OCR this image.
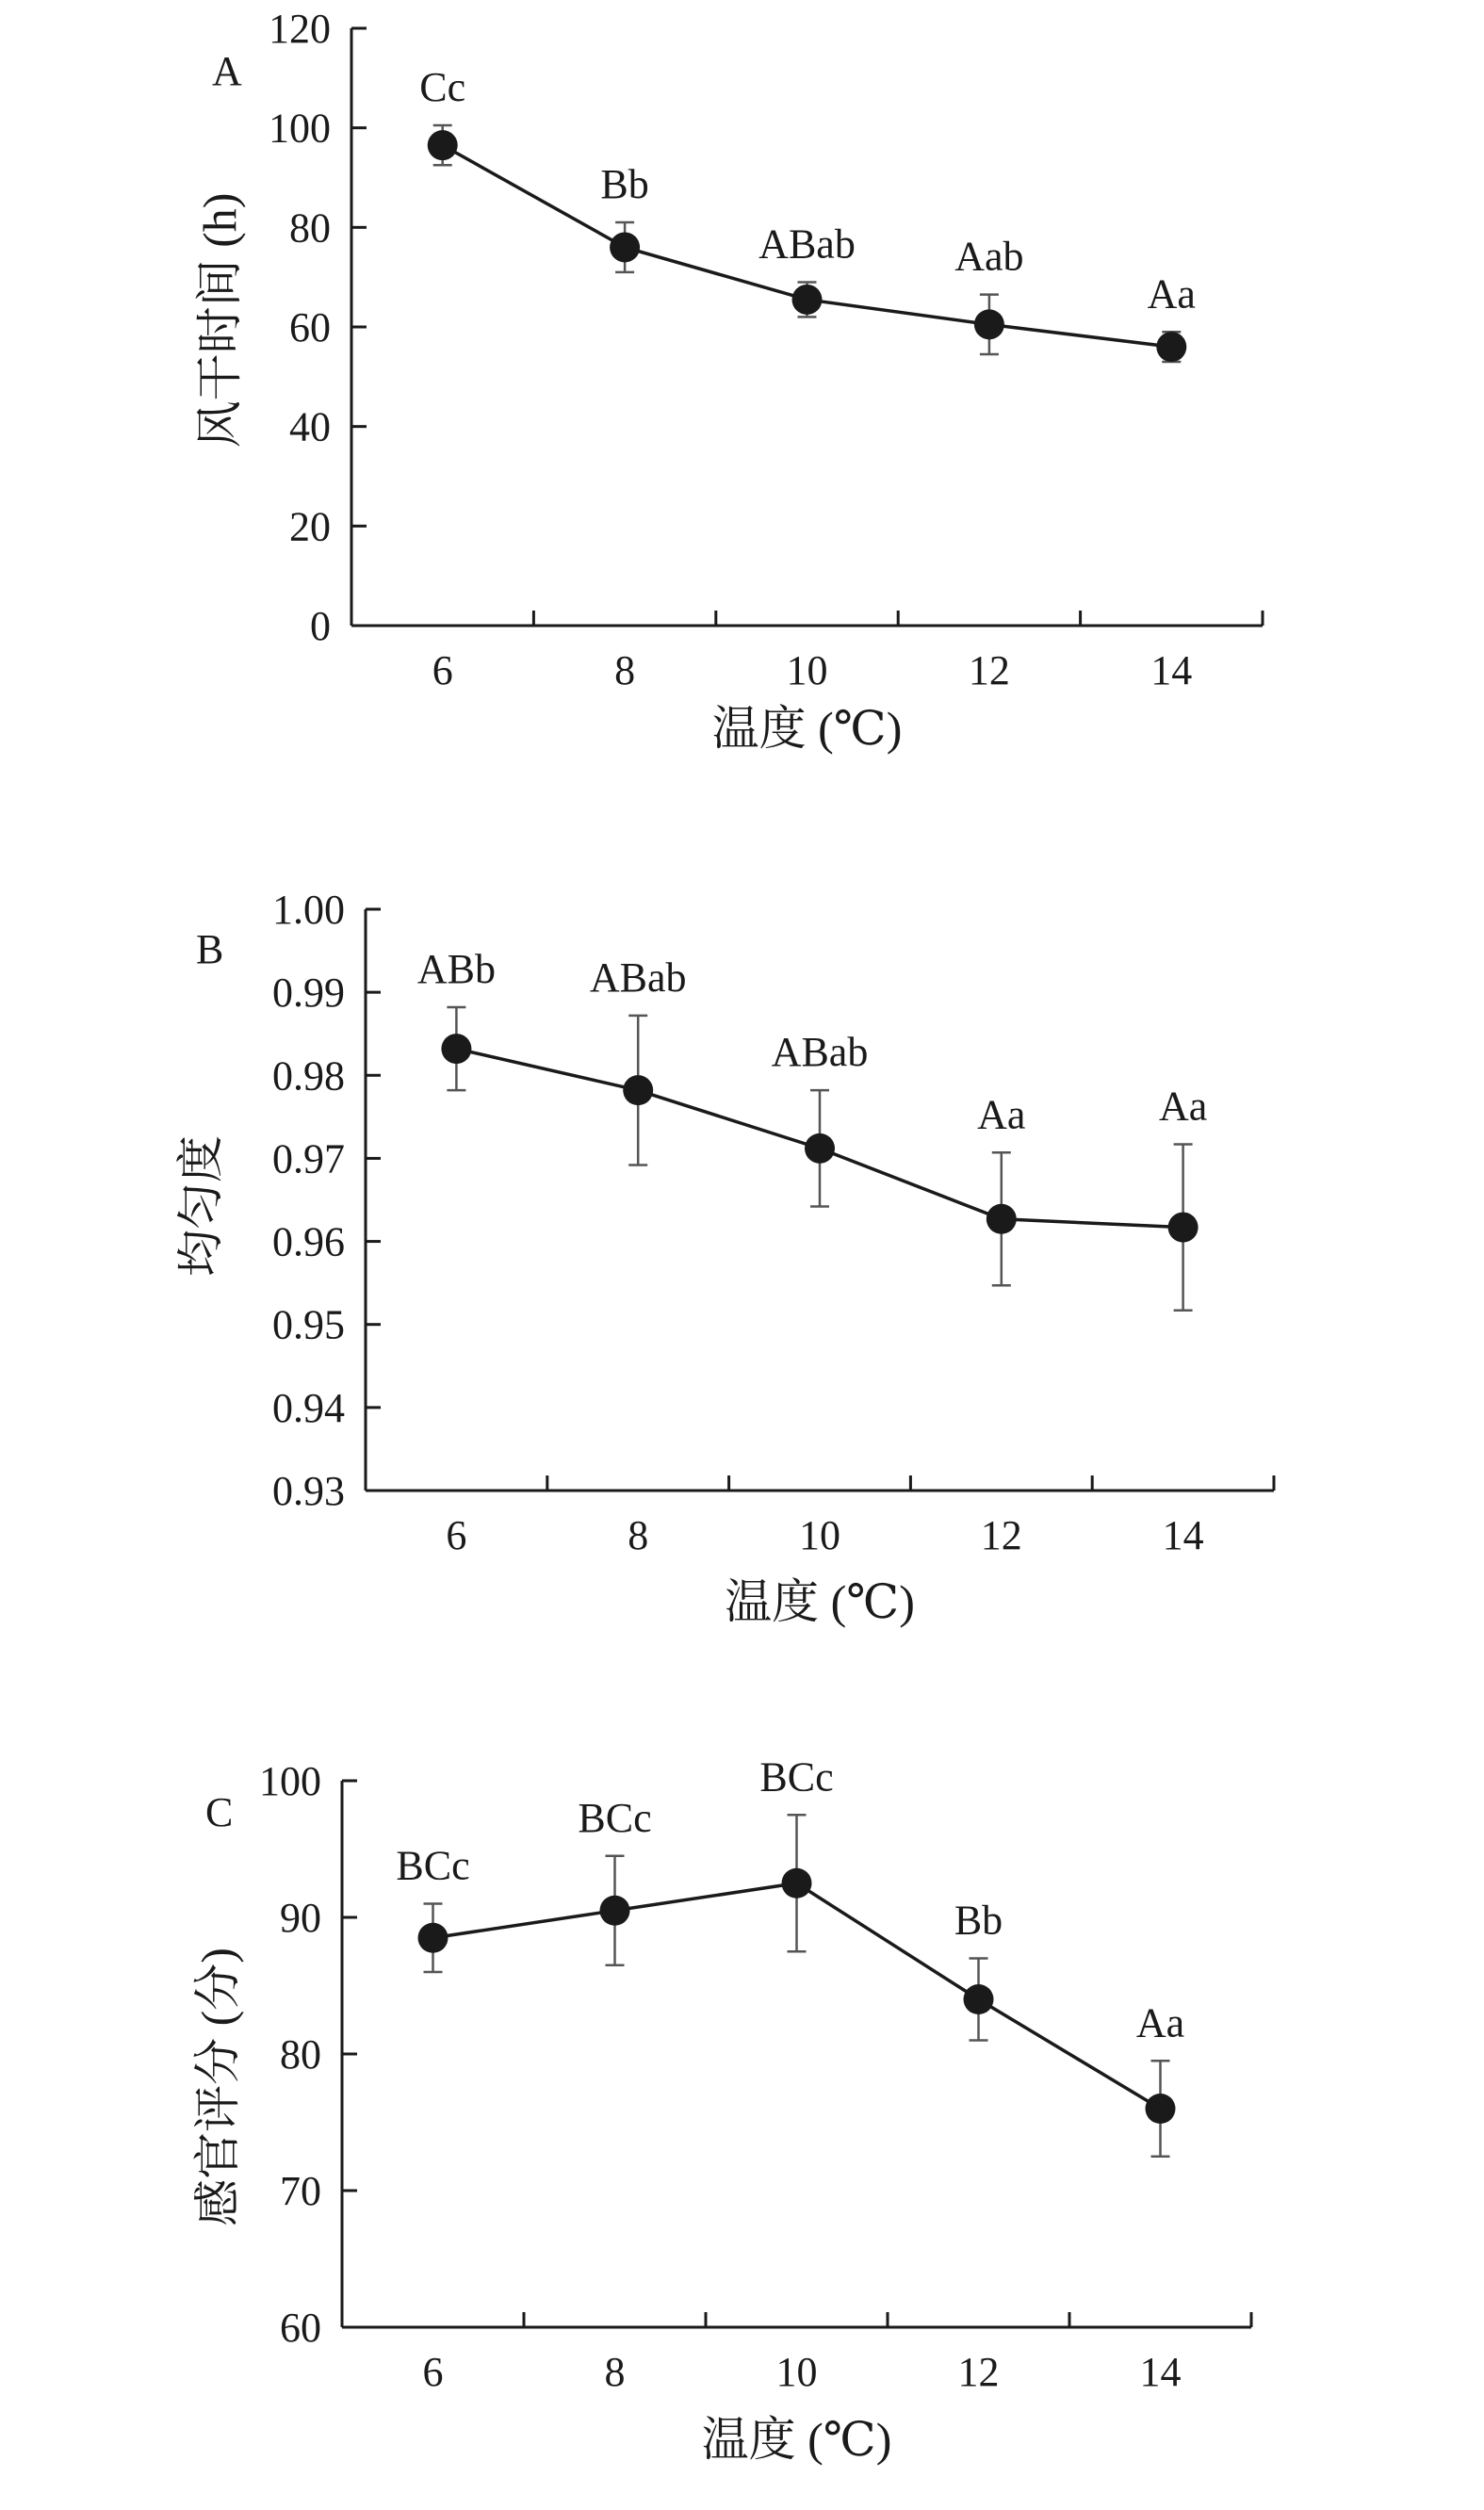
0
20
40
60
80
100
120
6	8	10	12	14
温度 (℃)
风干时间 (h)
A	Cc
Bb
ABab Aab
Aa
0.93
0.94
0.95
0.96
0.97
0.98
0.99
1.00
6	8	10	12	14
温度 (℃)
均匀度
B	ABb ABab
ABab
Aa	Aa
60
70
80
90
100
6	8	10	12	14
温度 (℃)
感官评分 (分)
C
BCc
BCc
BCc
Bb
Aa
